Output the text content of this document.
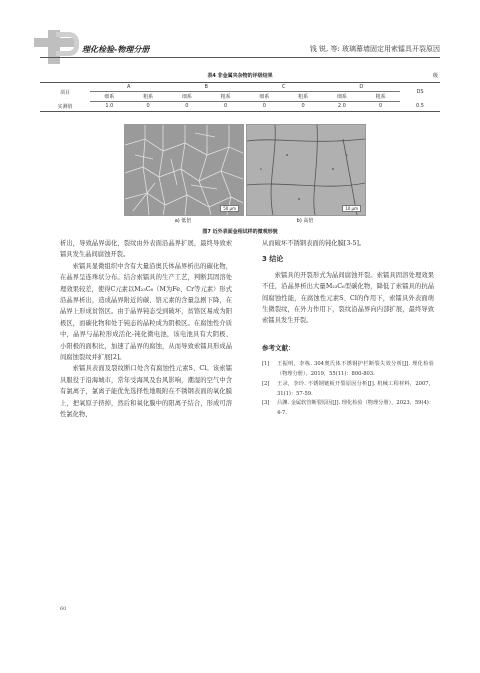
理化检验-物理分册	钱 锐, 等: 玻璃幕墙固定用索镭具开裂原因
表4 非金属夹杂物的评级结果	级
项目	A		B		C		D		DS
	细系	粗系	细系	粗系	细系	粗系	细系	粗系	
实测值	1.0	0	0	0	0	0	2.0	0	0.5
50 μm	10 μm
a) 低倍	b) 高倍
图7 近外表面金相试样的微观形貌

析出，导致晶界弱化，裂纹由外表面沿晶界扩展，最终导致索镭具发生晶间腐蚀开裂。

索镭具显微组织中含有大量沿奥氏体晶界析出的碳化物，在晶界呈连珠状分布。结合索镭具的生产工艺，判断其固溶处理效果较差，使得C元素以M₂₃C₆（M为Fe、Cr等元素）形式沿晶界析出，造成晶界附近的碳、铬元素的含量急剧下降，在晶界上形成贫铬区。由于晶界钝态受到破坏，贫铬区易成为阳极区，而碳化物和处于钝态的晶粒成为阴极区。在腐蚀性介质中，晶界与晶粒形成活化-钝化微电池，该电池具有大阴极、小阳极的面积比，加速了晶界的腐蚀，从而导致索镭具形成晶间腐蚀裂纹并扩展[2]。

索镭具表面及裂纹断口处含有腐蚀性元素S、Cl。该索镭具服役于沿海城市，常年受海风及台风影响，潮湿的空气中含有氯离子，氯离子能优先选择性地吸附在不锈钢表面的氧化膜上，把氧原子挤掉，然后和氧化膜中的阳离子结合，形成可溶性氯化物，

从而破坏不锈钢表面的钝化膜[3-5]。

3 结论

索镭具的开裂形式为晶间腐蚀开裂。索镭具固溶处理效果不佳，沿晶界析出大量M₂₃C₆型碳化物，降低了索镭具的抗晶间腐蚀性能，在腐蚀性元素S、Cl的作用下，索镭具外表面萌生微裂纹，在外力作用下，裂纹沿晶界向内部扩展，最终导致索镭具发生开裂。

参考文献：
[1]	王振明，李栋. 304奥氏体不锈钢护栏断裂失效分析[J]. 理化检验（物理分册），2019，55(11)：800-803.
[2]	王录，李玲. 不锈钢链板开裂原因分析[J]. 机械工程材料，2007，31(1)：57-59.
[3]	吕渊. 金属软管断裂原因[J]. 理化检验（物理分册），2023，59(4)：4-7.
60
